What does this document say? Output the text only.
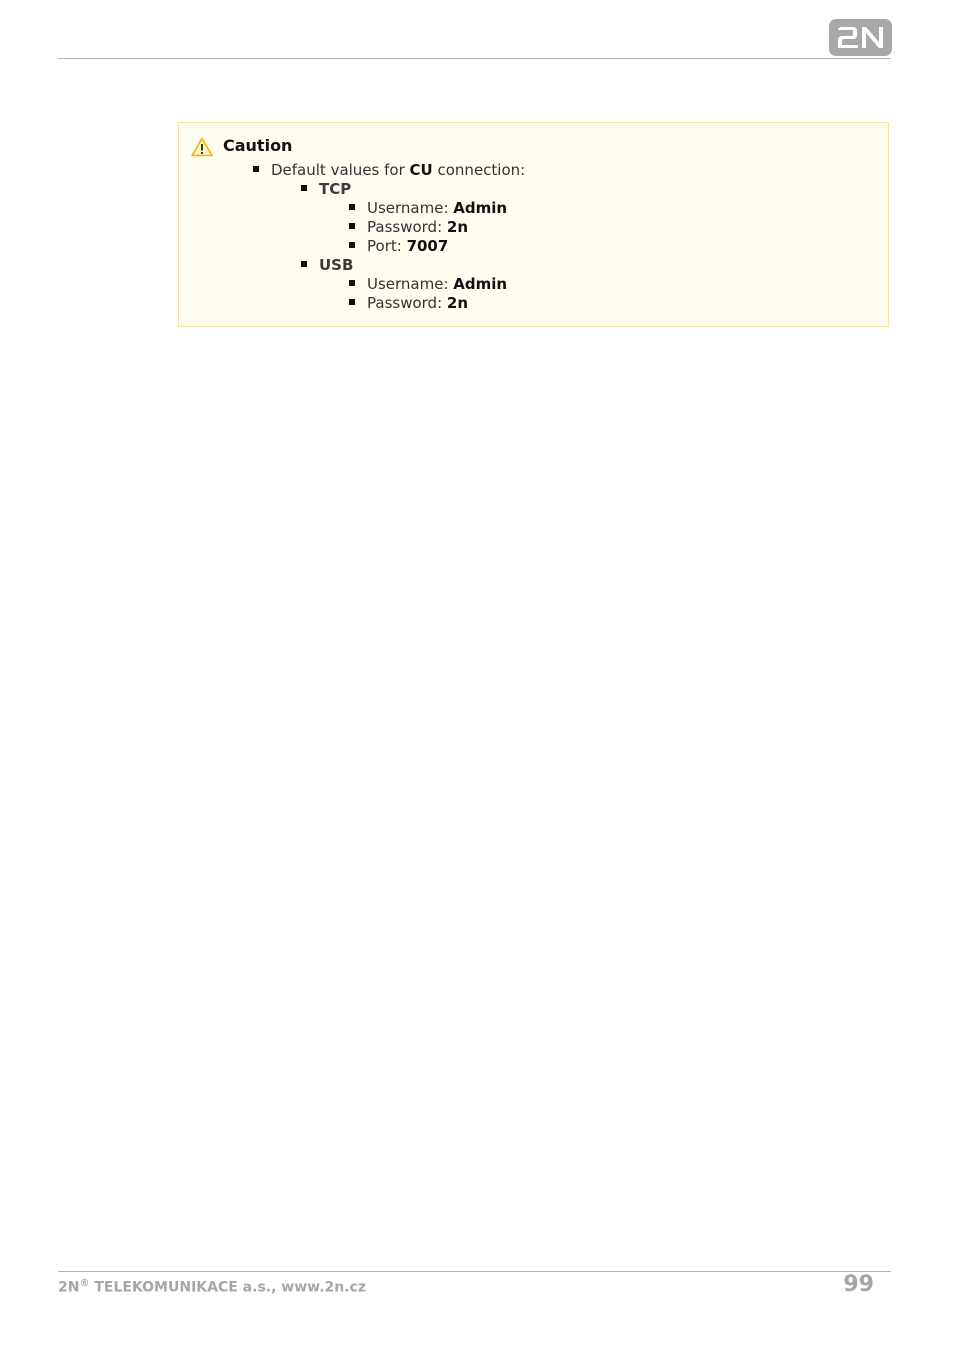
Caution
Default values for CU connection:
TCP
Username: Admin
Password: 2n
Port: 7007
USB
Username: Admin
Password: 2n
2N® TELEKOMUNIKACE a.s., www.2n.cz	99
